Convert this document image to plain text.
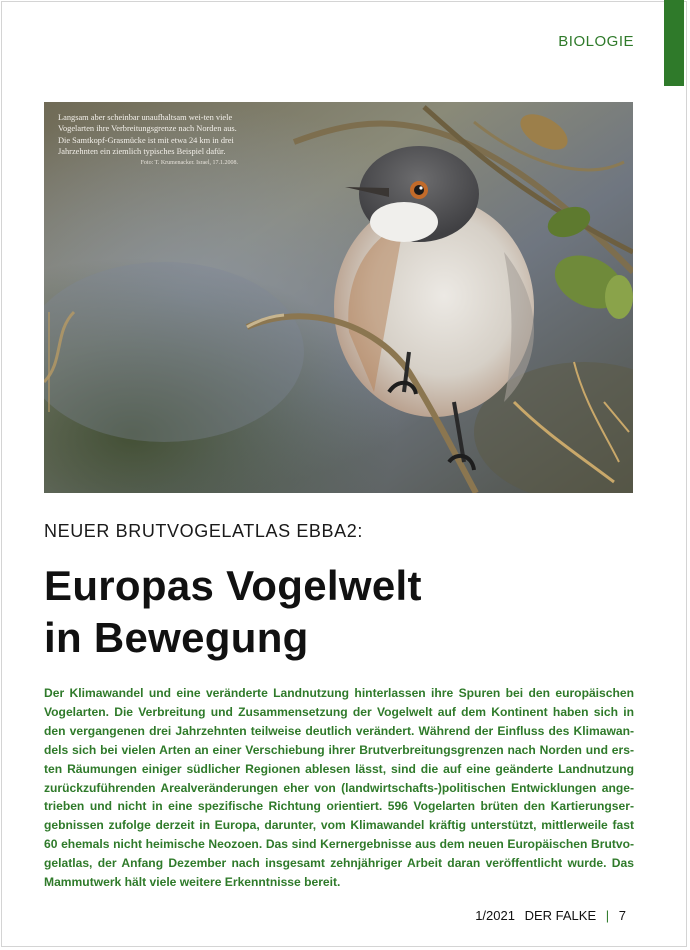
BIOLOGIE

Langsam aber scheinbar unaufhaltsam wei-ten viele Vogelarten ihre Verbreitungsgrenze nach Norden aus. Die Samtkopf-Grasmücke ist mit etwa 24 km in drei Jahrzehnten ein ziemlich typisches Beispiel dafür.

Foto: T. Krumenacker. Israel, 17.1.2008.

NEUER BRUTVOGELATLAS EBBA2:
Europas Vogelwelt
in Bewegung

Der Klimawandel und eine veränderte Landnutzung hinterlassen ihre Spuren bei den europäischen Vogelarten. Die Verbreitung und Zusammensetzung der Vogelwelt auf dem Kontinent haben sich in den vergangenen drei Jahrzehnten teilweise deutlich verändert. Während der Einfluss des Klimawan-dels sich bei vielen Arten an einer Verschiebung ihrer Brutverbreitungsgrenzen nach Norden und ers-ten Räumungen einiger südlicher Regionen ablesen lässt, sind die auf eine geänderte Landnutzung zurückzuführenden Arealveränderungen eher von (landwirtschafts-)politischen Entwicklungen ange-trieben und nicht in eine spezifische Richtung orientiert. 596 Vogelarten brüten den Kartierungser-gebnissen zufolge derzeit in Europa, darunter, vom Klimawandel kräftig unterstützt, mittlerweile fast 60 ehemals nicht heimische Neozoen. Das sind Kernergebnisse aus dem neuen Europäischen Brutvo-gelatlas, der Anfang Dezember nach insgesamt zehnjähriger Arbeit daran veröffentlicht wurde. Das Mammutwerk hält viele weitere Erkenntnisse bereit.

1/2021 DER FALKE | 7
